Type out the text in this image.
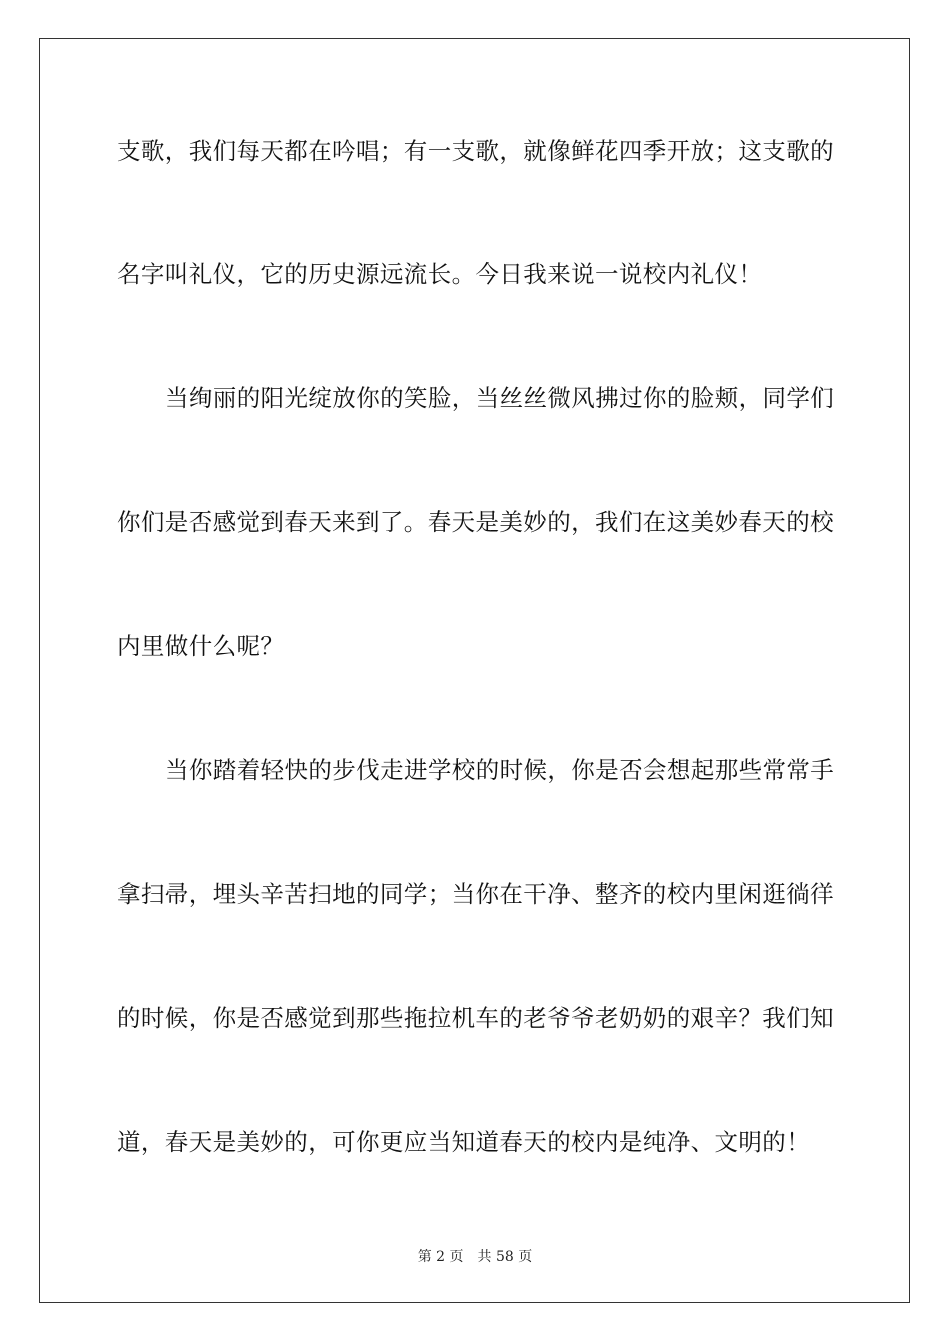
支歌，我们每天都在吟唱；有一支歌，就像鲜花四季开放；这支歌的
名字叫礼仪，它的历史源远流长。今日我来说一说校内礼仪！
当绚丽的阳光绽放你的笑脸，当丝丝微风拂过你的脸颊，同学们
你们是否感觉到春天来到了。春天是美妙的，我们在这美妙春天的校
内里做什么呢？
当你踏着轻快的步伐走进学校的时候，你是否会想起那些常常手
拿扫帚，埋头辛苦扫地的同学；当你在干净、整齐的校内里闲逛徜徉
的时候，你是否感觉到那些拖拉机车的老爷爷老奶奶的艰辛？我们知
道，春天是美妙的，可你更应当知道春天的校内是纯净、文明的！
第 2 页　共 58 页
